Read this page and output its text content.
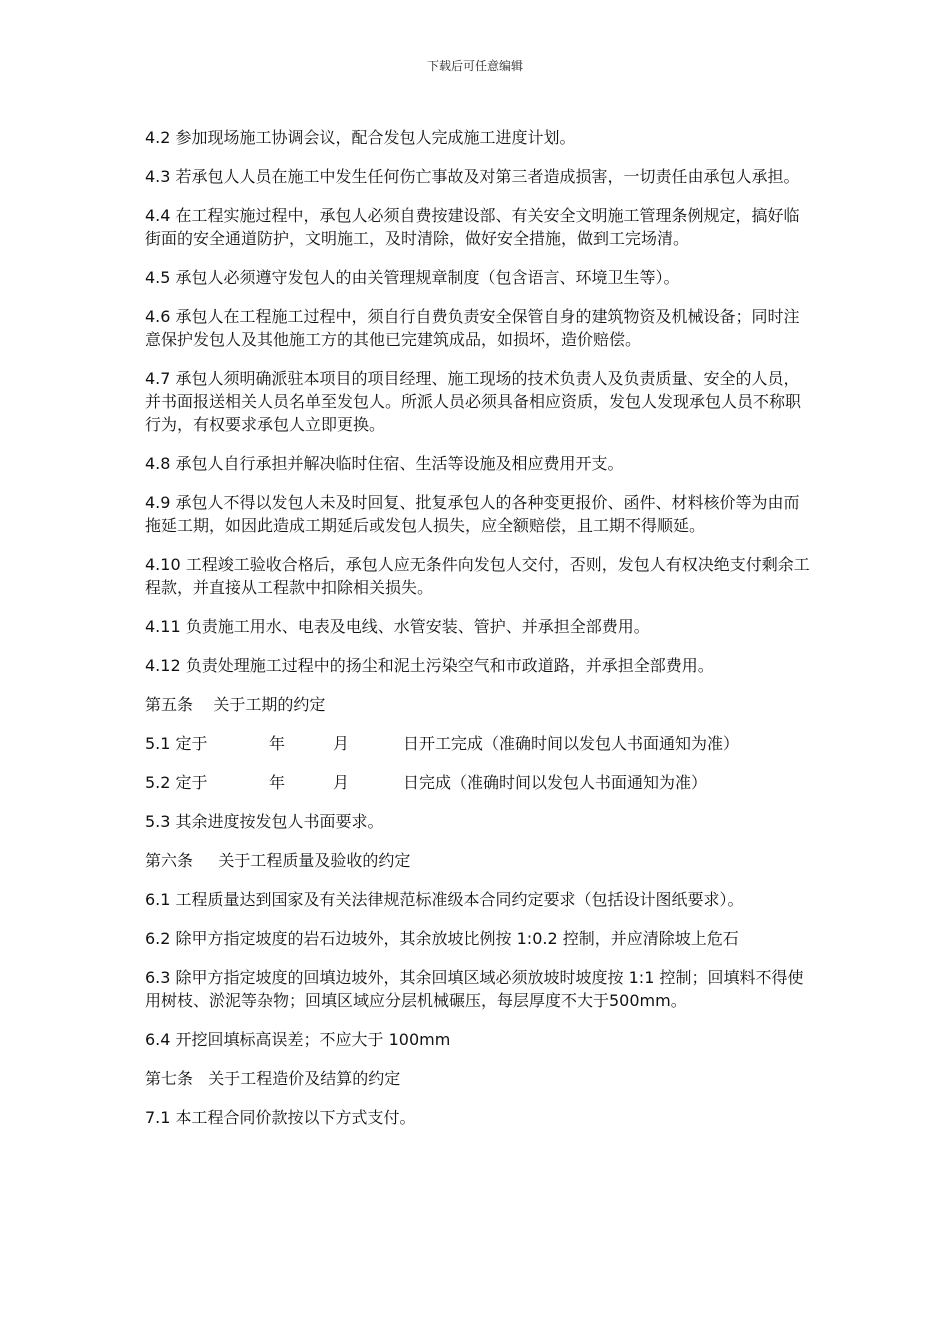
下载后可任意编辑

4.2 参加现场施工协调会议，配合发包人完成施工进度计划。

4.3 若承包人人员在施工中发生任何伤亡事故及对第三者造成损害，一切责任由承包人承担。

4.4 在工程实施过程中，承包人必须自费按建设部、有关安全文明施工管理条例规定，搞好临街面的安全通道防护，文明施工，及时清除，做好安全措施，做到工完场清。

4.5 承包人必须遵守发包人的由关管理规章制度（包含语言、环境卫生等）。

4.6 承包人在工程施工过程中，须自行自费负责安全保管自身的建筑物资及机械设备；同时注意保护发包人及其他施工方的其他已完建筑成品，如损坏，造价赔偿。

4.7 承包人须明确派驻本项目的项目经理、施工现场的技术负责人及负责质量、安全的人员，并书面报送相关人员名单至发包人。所派人员必须具备相应资质，发包人发现承包人员不称职行为，有权要求承包人立即更换。

4.8 承包人自行承担并解决临时住宿、生活等设施及相应费用开支。

4.9 承包人不得以发包人未及时回复、批复承包人的各种变更报价、函件、材料核价等为由而拖延工期，如因此造成工期延后或发包人损失，应全额赔偿，且工期不得顺延。

4.10 工程竣工验收合格后，承包人应无条件向发包人交付，否则，发包人有权决绝支付剩余工程款，并直接从工程款中扣除相关损失。

4.11 负责施工用水、电表及电线、水管安装、管护、并承担全部费用。

4.12 负责处理施工过程中的扬尘和泥土污染空气和市政道路，并承担全部费用。

第五条    关于工期的约定

5.1 定于	年	月	日开工完成（准确时间以发包人书面通知为准）
5.2 定于	年	月	日完成（准确时间以发包人书面通知为准）

5.3 其余进度按发包人书面要求。

第六条     关于工程质量及验收的约定

6.1 工程质量达到国家及有关法律规范标准级本合同约定要求（包括设计图纸要求）。

6.2 除甲方指定坡度的岩石边坡外，其余放坡比例按 1:0.2 控制，并应清除坡上危石

6.3 除甲方指定坡度的回填边坡外，其余回填区域必须放坡时坡度按 1:1 控制；回填料不得使用树枝、淤泥等杂物；回填区域应分层机械碾压，每层厚度不大于500mm。

6.4 开挖回填标高误差；不应大于 100mm

第七条   关于工程造价及结算的约定

7.1 本工程合同价款按以下方式支付。
